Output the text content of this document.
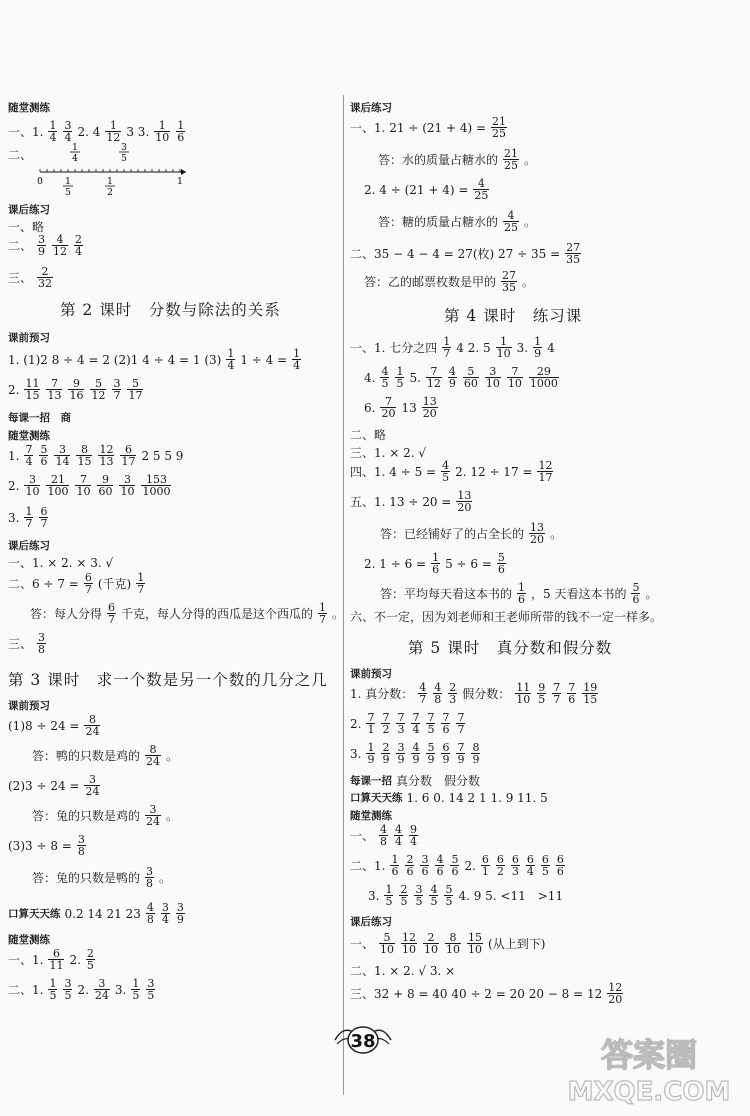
随堂测练
一、1. $\frac{1}{4} \frac{3}{4} 2$. $4 \frac{1}{12} 3$ 3. $\frac{1}{10} \frac{1}{6}$
二、
0	1
1
4
3
5
1
5
1
2
课后练习
一、略
二、 $\frac{3}{9} \frac{4}{12} \frac{2}{4}$
三、 $\frac{2}{32}$
第 2 课时　分数与除法的关系
课前预习
1. (1)2 8 ÷ 4 = 2 (2)1 4 ÷ 4 = 1 $(3) \frac{1}{4} 1 \div 4 = \frac{1}{4}$
2. $\frac{11}{15} \frac{7}{13} \frac{9}{16} \frac{5}{12} \frac{3}{7} \frac{5}{17}$
每课一招　商
随堂测练
1. $\frac{7}{4} \frac{5}{6} \frac{3}{14} \frac{8}{15} \frac{12}{13} \frac{6}{17} 2$ 5 5 9
2. $\frac{3}{10} \frac{21}{100} \frac{7}{10} \frac{9}{60} \frac{3}{10} \frac{153}{1000}$
3. $\frac{1}{7} \frac{6}{7}$
课后练习
一、1. × 2. × 3. √
二、$6 \div 7 = \frac{6}{7}$ (千克) $\frac{1}{7}$
答：每人分得 $\frac{6}{7}$ 千克，每人分得的西瓜是这个西瓜的 $\frac{1}{7}$ 。
三、 $\frac{3}{8}$
第 3 课时　求一个数是另一个数的几分之几
课前预习
$(1)8 \div 24 = \frac{8}{24}$
答：鸭的只数是鸡的 $\frac{8}{24}$ 。
$(2)3 \div 24 = \frac{3}{24}$
答：兔的只数是鸡的 $\frac{3}{24}$ 。
$(3)3 \div 8 = \frac{3}{8}$
答：兔的只数是鸭的 $\frac{3}{8}$ 。
口算天天练 0.2 14 21 $23 \frac{4}{8} \frac{3}{4} \frac{3}{9}$
随堂测练
一、1. $\frac{6}{11} 2$. $\frac{2}{5}$
二、1. $\frac{1}{5} \frac{3}{5} 2$. $\frac{3}{24} 3$. $\frac{1}{5} \frac{3}{5}$
课后练习
一、1. $21 \div (21 + 4) = \frac{21}{25}$
答：水的质量占糖水的 $\frac{21}{25}$ 。
2. $4 \div (21 + 4) = \frac{4}{25}$
答：糖的质量占糖水的 $\frac{4}{25}$ 。
二、35 − 4 − 4 = 27(枚) $27 \div 35 = \frac{27}{35}$
答：乙的邮票枚数是甲的 $\frac{27}{35}$ 。
第 4 课时　练习课
一、1. 七分之四 $\frac{1}{7} 4$ 2. $5 \frac{1}{10} 3$. $\frac{1}{9} 4$
4. $\frac{4}{5} \frac{1}{5} 5$. $\frac{7}{12} \frac{4}{9} \frac{5}{60} \frac{3}{10} \frac{7}{10} \frac{29}{1000}$
6. $\frac{7}{20} 13 \frac{13}{20}$
二、略
三、1. × 2. √
四、1. $4 \div 5 = \frac{4}{5} 2$. $12 \div 17 = \frac{12}{17}$
五、1. $13 \div 20 = \frac{13}{20}$
答：已经铺好了的占全长的 $\frac{13}{20}$ 。
2. $1 \div 6 = \frac{1}{6} 5 \div 6 = \frac{5}{6}$
答：平均每天看这本书的 $\frac{1}{6}$ ，5 天看这本书的 $\frac{5}{6}$ 。
六、不一定，因为刘老师和王老师所带的钱不一定一样多。
第 5 课时　真分数和假分数
课前预习
1. 真分数： $\frac{4}{7} \frac{4}{8} \frac{2}{3}$ 假分数： $\frac{11}{10} \frac{9}{5} \frac{7}{7} \frac{7}{6} \frac{19}{15}$
2. $\frac{7}{1} \frac{7}{2} \frac{7}{3} \frac{7}{4} \frac{7}{5} \frac{7}{6} \frac{7}{7}$
3. $\frac{1}{9} \frac{2}{9} \frac{3}{9} \frac{4}{9} \frac{5}{9} \frac{6}{9} \frac{7}{9} \frac{8}{9}$
每课一招 真分数　假分数
口算天天练 1. 6 0. 14 2 1 1. 9 11. 5
随堂测练
一、 $\frac{4}{8} \frac{4}{4} \frac{9}{4}$
二、1. $\frac{1}{6} \frac{2}{6} \frac{3}{6} \frac{4}{6} \frac{5}{6} 2$. $\frac{6}{1} \frac{6}{2} \frac{6}{3} \frac{6}{4} \frac{6}{5} \frac{6}{6}$
3. $\frac{1}{5} \frac{2}{5} \frac{3}{5} \frac{4}{5} \frac{5}{5} 4$. 9 5. <11　>11
课后练习
一、 $\frac{5}{10} \frac{12}{10} \frac{2}{10} \frac{8}{10} \frac{15}{10}$ (从上到下)
二、1. × 2. √ 3. ×
三、32 + 8 = 40 40 ÷ 2 = 20 $20 - 8 = 12 \frac{12}{20}$
38	答案圈
MXQE.COM
